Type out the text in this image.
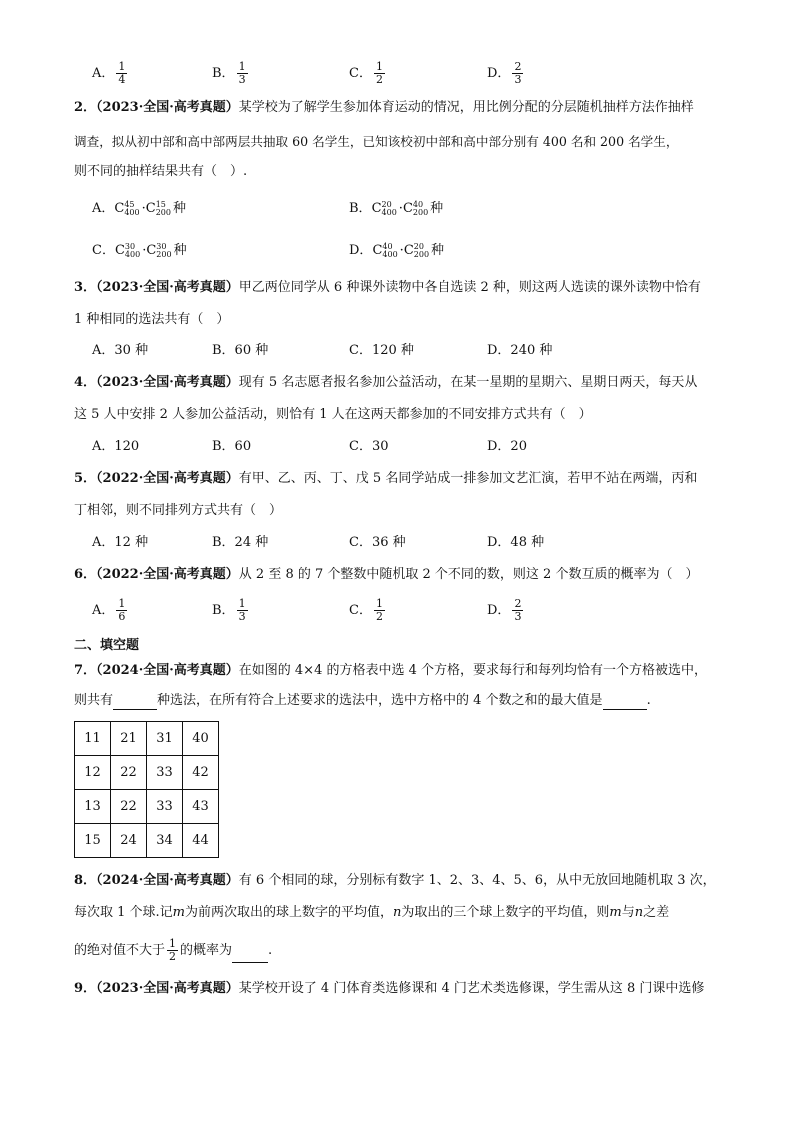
A． $\frac{1}{4}$	B． $\frac{1}{3}$	C． $\frac{1}{2}$	D． $\frac{2}{3}$
2．（2023·全国·高考真题）某学校为了解学生参加体育运动的情况，用比例分配的分层随机抽样方法作抽样
调查，拟从初中部和高中部两层共抽取 60 名学生，已知该校初中部和高中部分别有 400 名和 200 名学生，
则不同的抽样结果共有（　）.
A．C 45
400 ·C 15
200 种	B．C 20
400 ·C 40
200 种
C．C 30
400 ·C 30
200 种	D．C 40
400 ·C 20
200 种
3．（2023·全国·高考真题）甲乙两位同学从 6 种课外读物中各自选读 2 种，则这两人选读的课外读物中恰有
1 种相同的选法共有（　）
A．30 种	B．60 种	C．120 种	D．240 种
4．（2023·全国·高考真题）现有 5 名志愿者报名参加公益活动，在某一星期的星期六、星期日两天，每天从
这 5 人中安排 2 人参加公益活动，则恰有 1 人在这两天都参加的不同安排方式共有（　）
A．120	B．60	C．30	D．20
5．（2022·全国·高考真题）有甲、乙、丙、丁、戊 5 名同学站成一排参加文艺汇演，若甲不站在两端，丙和
丁相邻，则不同排列方式共有（　）
A．12 种	B．24 种	C．36 种	D．48 种
6．（2022·全国·高考真题）从 2 至 8 的 7 个整数中随机取 2 个不同的数，则这 2 个数互质的概率为（　）
A． $\frac{1}{6}$	B． $\frac{1}{3}$	C． $\frac{1}{2}$	D． $\frac{2}{3}$
二、填空题
7．（2024·全国·高考真题）在如图的 4×4 的方格表中选 4 个方格，要求每行和每列均恰有一个方格被选中，
则共有	种选法，在所有符合上述要求的选法中，选中方格中的 4 个数之和的最大值是	.
11	21	31	40
12	22	33	42
13	22	33	43
15	24	34	44
8．（2024·全国·高考真题）有 6 个相同的球，分别标有数字 1、2、3、4、5、6，从中无放回地随机取 3 次，
每次取 1 个球.记m为前两次取出的球上数字的平均值，n为取出的三个球上数字的平均值，则m与n之差
的绝对值不大于 $\frac{1}{2}$ 的概率为	.
9．（2023·全国·高考真题）某学校开设了 4 门体育类选修课和 4 门艺术类选修课，学生需从这 8 门课中选修
